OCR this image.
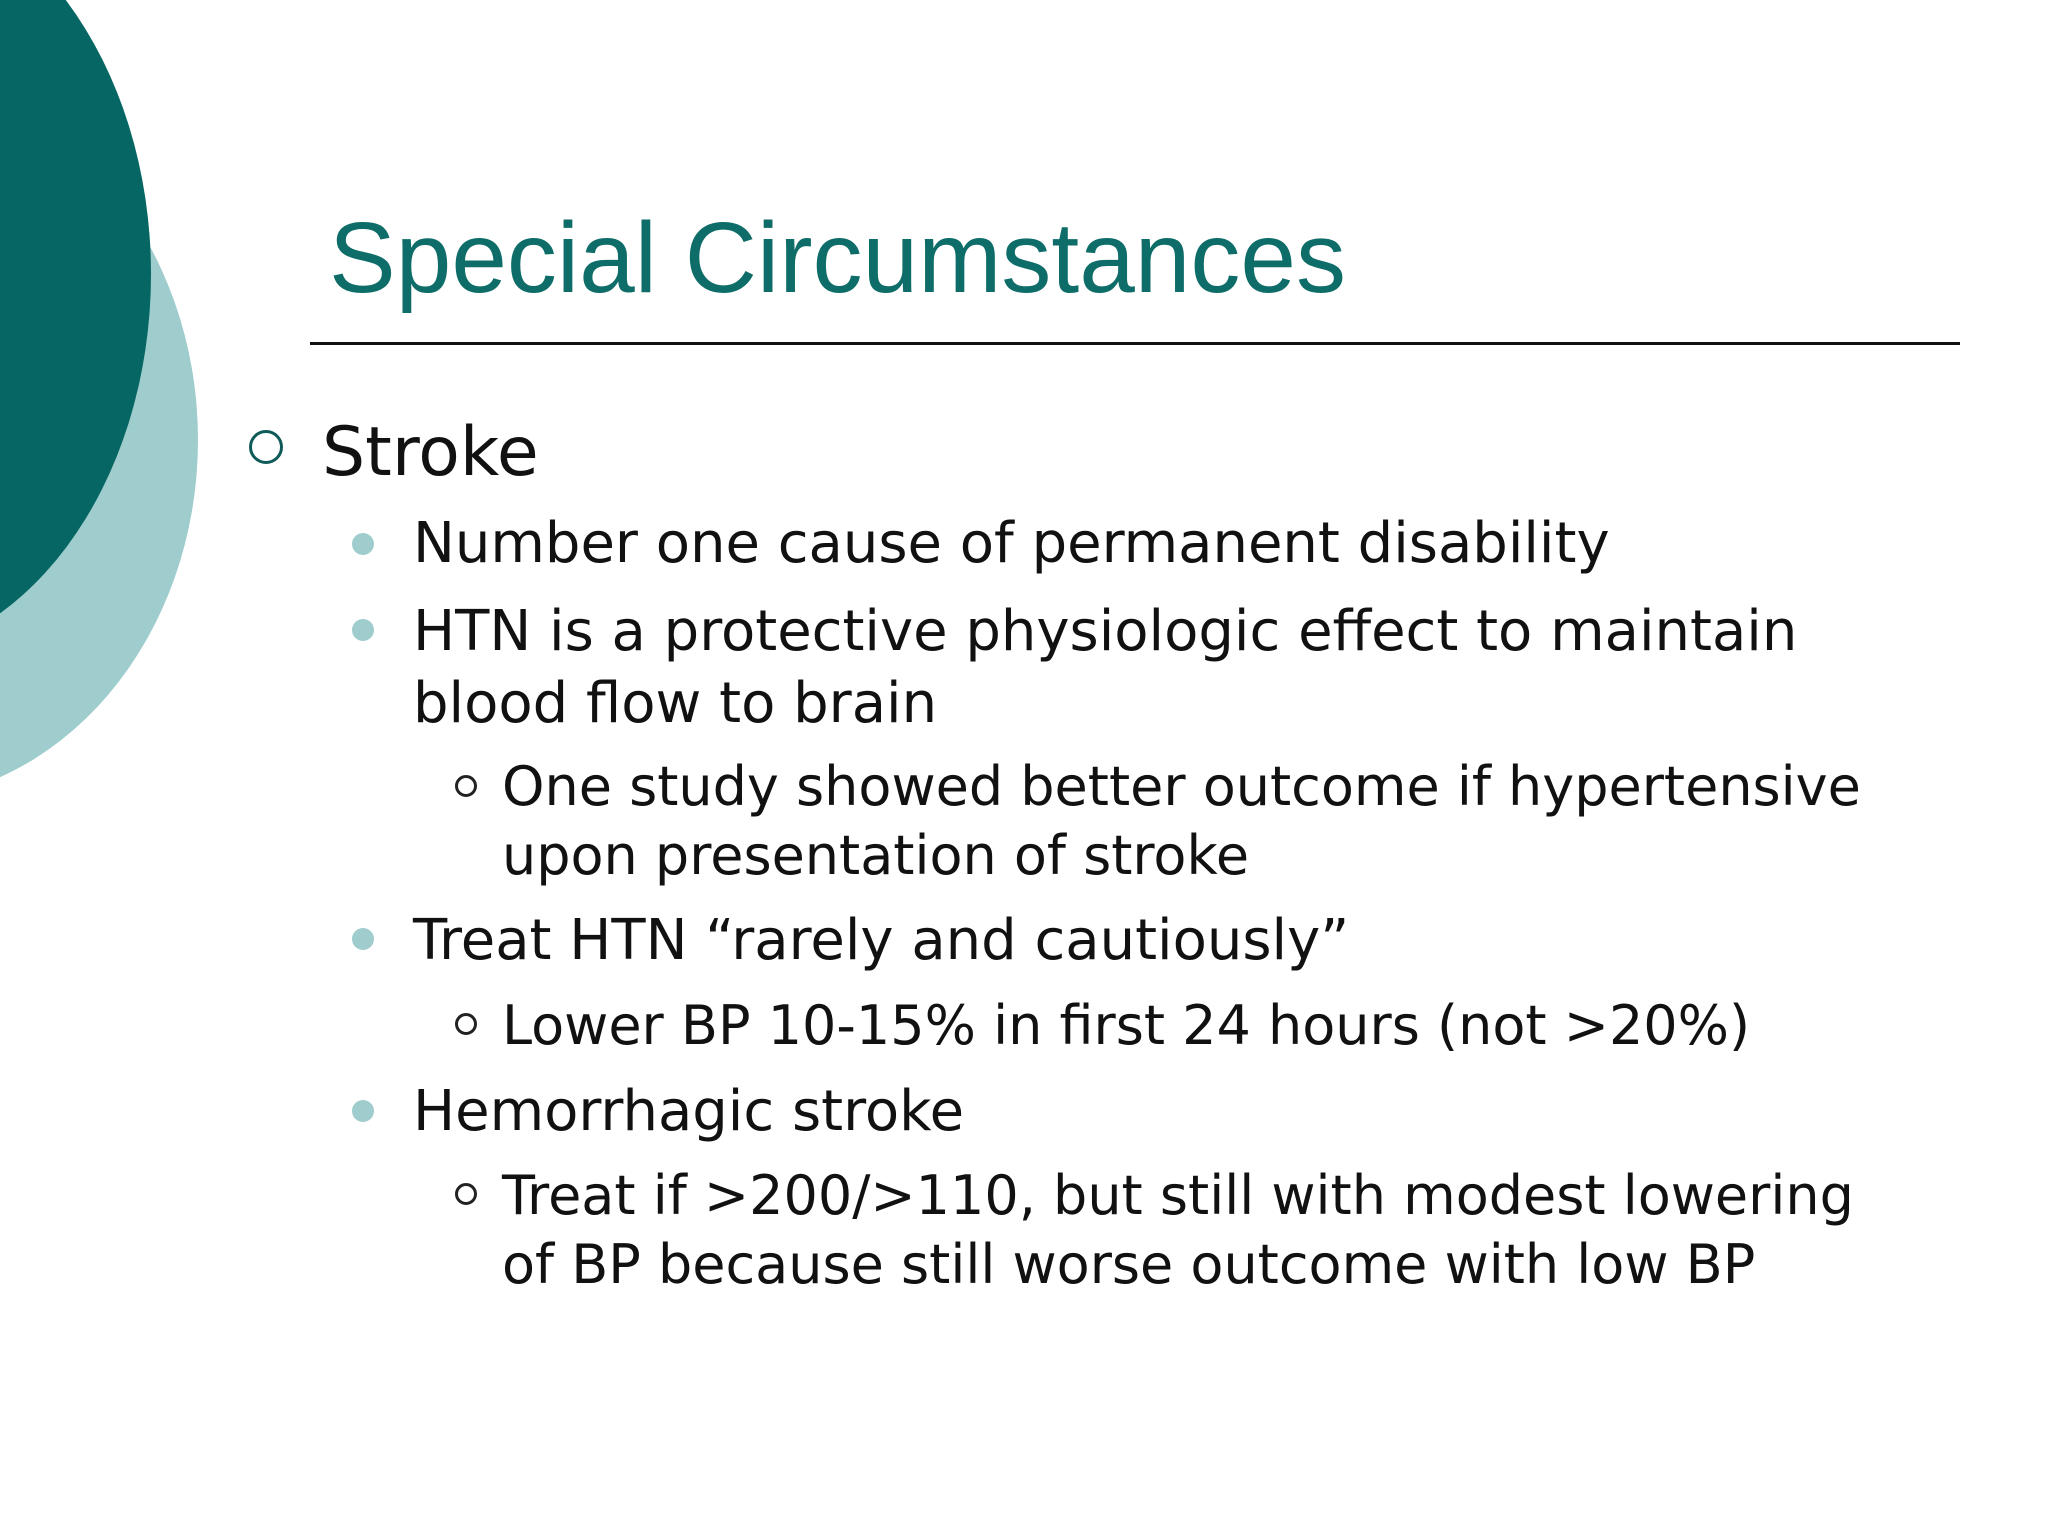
Special Circumstances

Stroke

Number one cause of permanent disability

HTN is a protective physiologic effect to maintain

blood flow to brain

One study showed better outcome if hypertensive

upon presentation of stroke

Treat HTN “rarely and cautiously”

Lower BP 10-15% in first 24 hours (not >20%)

Hemorrhagic stroke

Treat if >200/>110, but still with modest lowering

of BP because still worse outcome with low BP
